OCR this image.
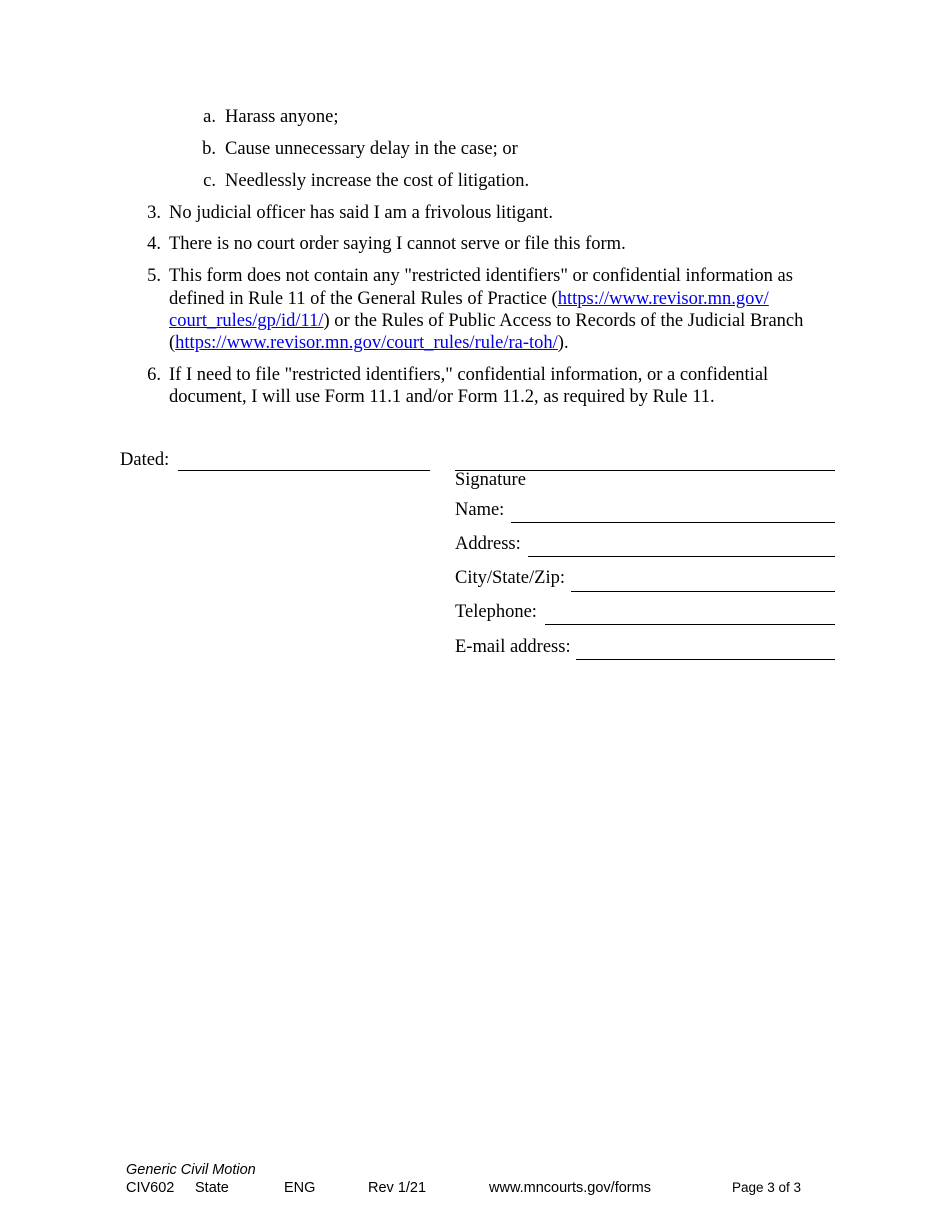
a. Harass anyone;
b. Cause unnecessary delay in the case; or
c. Needlessly increase the cost of litigation.
3. No judicial officer has said I am a frivolous litigant.
4. There is no court order saying I cannot serve or file this form.
5. This form does not contain any "restricted identifiers" or confidential information as
defined in Rule 11 of the General Rules of Practice (https://www.revisor.mn.gov/
court_rules/gp/id/11/) or the Rules of Public Access to Records of the Judicial Branch
(https://www.revisor.mn.gov/court_rules/rule/ra-toh/).
6. If I need to file "restricted identifiers," confidential information, or a confidential
document, I will use Form 11.1 and/or Form 11.2, as required by Rule 11.
Dated:
Signature
Name:
Address:
City/State/Zip:
Telephone:
E-mail address:
Generic Civil Motion
CIV602 State	ENG	Rev 1/21	www.mncourts.gov/forms	Page 3 of 3
